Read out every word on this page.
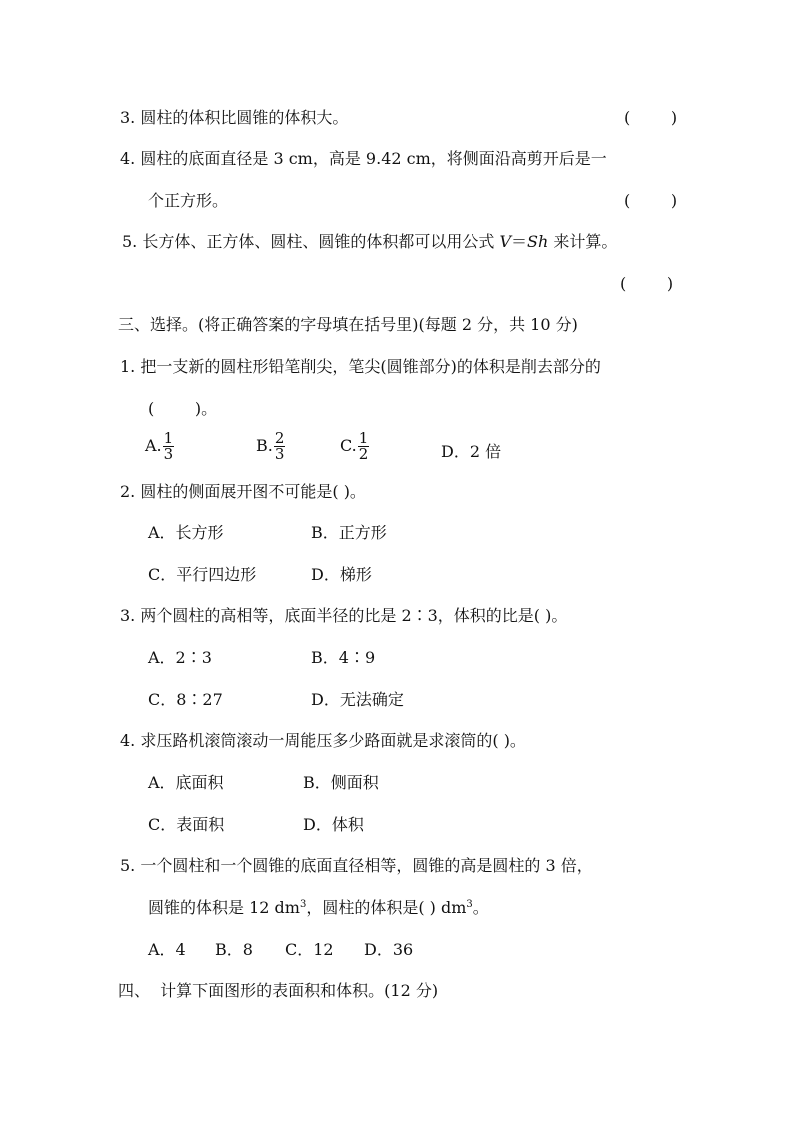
3. 圆柱的体积比圆锥的体积大。	(        )
4. 圆柱的底面直径是 3 cm，高是 9.42 cm，将侧面沿高剪开后是一
个正方形。	(        )
5. 长方体、正方体、圆柱、圆锥的体积都可以用公式 V＝Sh 来计算。
(        )
三、选择。(将正确答案的字母填在括号里)(每题 2 分，共 10 分)
1. 把一支新的圆柱形铅笔削尖，笔尖(圆锥部分)的体积是削去部分的
(        )。
A. $\frac{1}{3}$	B. $\frac{2}{3}$	C. $\frac{1}{2}$	D．2 倍
2. 圆柱的侧面展开图不可能是( )。
A．长方形	B．正方形
C．平行四边形	D．梯形
3. 两个圆柱的高相等，底面半径的比是 2∶3，体积的比是( )。
A．2∶3	B．4∶9
C．8∶27	D．无法确定
4. 求压路机滚筒滚动一周能压多少路面就是求滚筒的( )。
A．底面积	B．侧面积
C．表面积	D．体积
5. 一个圆柱和一个圆锥的底面直径相等，圆锥的高是圆柱的 3 倍，
圆锥的体积是 12 $dm^3$，圆柱的体积是( ) $dm^3$。
A．4 B．8 C．12 D．36
四、  计算下面图形的表面积和体积。(12 分)
